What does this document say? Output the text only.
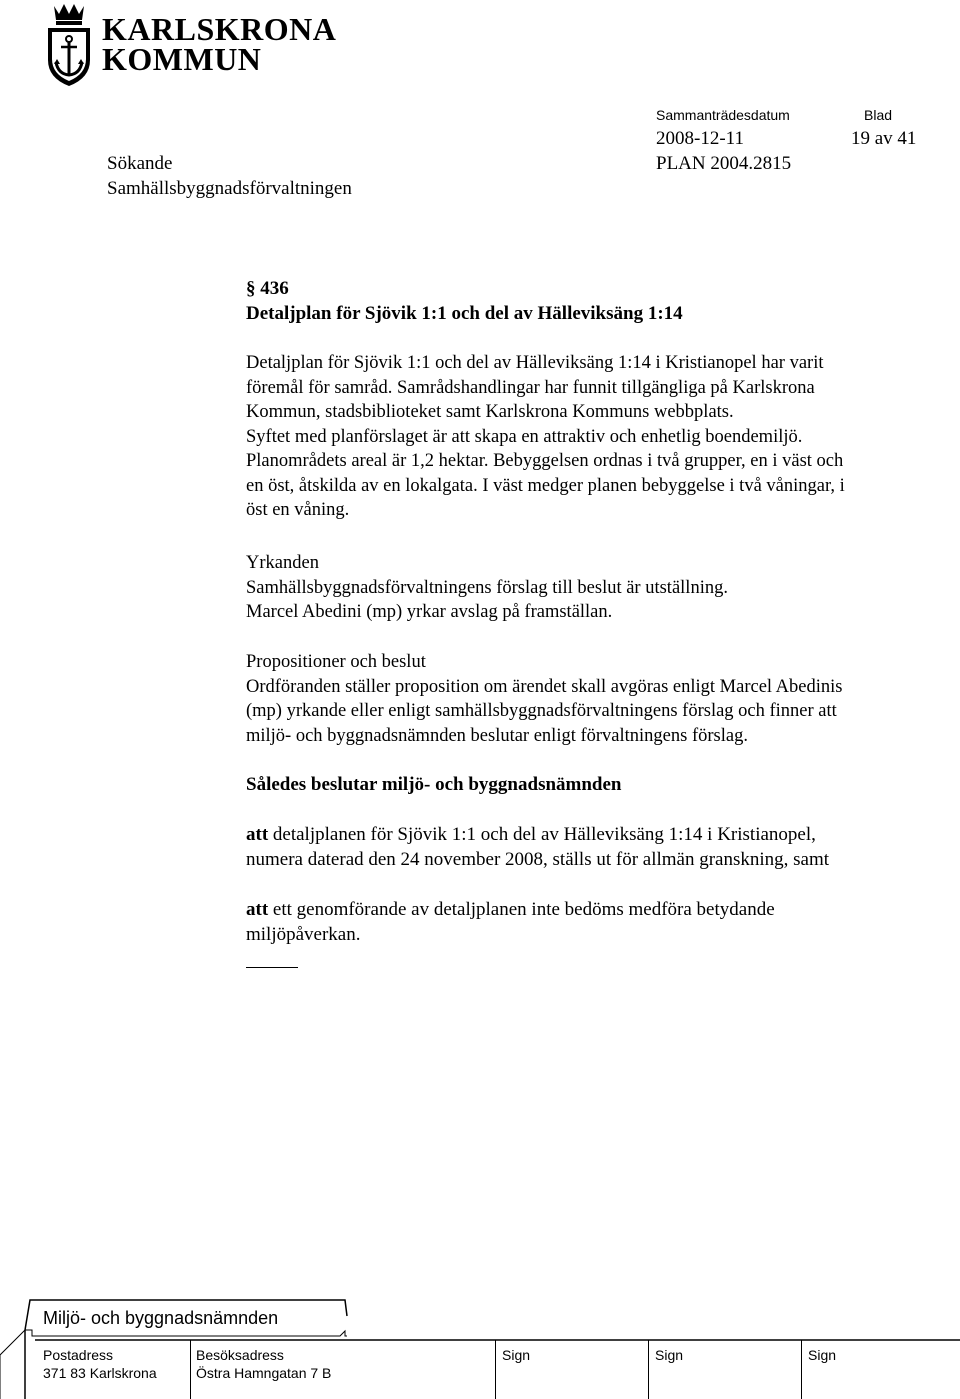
KARLSKRONA
KOMMUN
Sammanträdesdatum	Blad
2008-12-11	19 av 41
Sökande	PLAN 2004.2815
Samhällsbyggnadsförvaltningen
§ 436
Detaljplan för Sjövik 1:1 och del av Hälleviksäng 1:14
Detaljplan för Sjövik 1:1 och del av Hälleviksäng 1:14 i Kristianopel har varit
föremål för samråd. Samrådshandlingar har funnit tillgängliga på Karlskrona
Kommun, stadsbiblioteket samt Karlskrona Kommuns webbplats.
Syftet med planförslaget är att skapa en attraktiv och enhetlig boendemiljö.
Planområdets areal är 1,2 hektar. Bebyggelsen ordnas i två grupper, en i väst och
en öst, åtskilda av en lokalgata. I väst medger planen bebyggelse i två våningar, i
öst en våning.
Yrkanden
Samhällsbyggnadsförvaltningens förslag till beslut är utställning.
Marcel Abedini (mp) yrkar avslag på framställan.
Propositioner och beslut
Ordföranden ställer proposition om ärendet skall avgöras enligt Marcel Abedinis
(mp) yrkande eller enligt samhällsbyggnadsförvaltningens förslag och finner att
miljö- och byggnadsnämnden beslutar enligt förvaltningens förslag.
Således beslutar miljö- och byggnadsnämnden
att detaljplanen för Sjövik 1:1 och del av Hälleviksäng 1:14 i Kristianopel,
numera daterad den 24 november 2008, ställs ut för allmän granskning, samt
att ett genomförande av detaljplanen inte bedöms medföra betydande
miljöpåverkan.
Miljö- och byggnadsnämnden
Postadress	Besöksadress	Sign	Sign	Sign
371 83 Karlskrona	Östra Hamngatan 7 B
